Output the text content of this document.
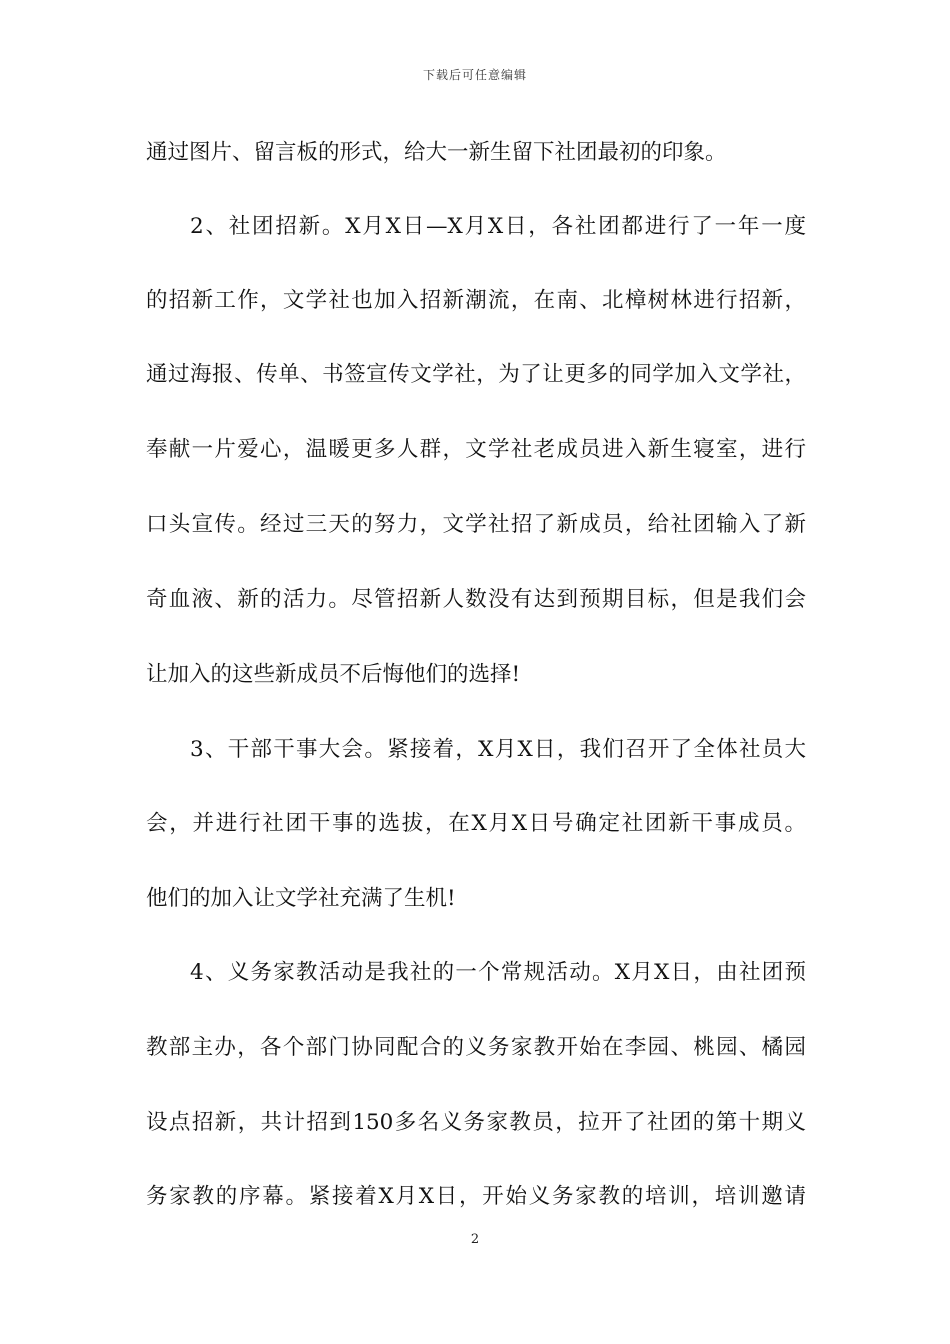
下载后可任意编辑
通过图片、留言板的形式，给大一新生留下社团最初的印象。
2、社团招新。X月X日—X月X日，各社团都进行了一年一度
的招新工作，文学社也加入招新潮流，在南、北樟树林进行招新，
通过海报、传单、书签宣传文学社，为了让更多的同学加入文学社，
奉献一片爱心，温暖更多人群，文学社老成员进入新生寝室，进行
口头宣传。经过三天的努力，文学社招了新成员，给社团输入了新
奇血液、新的活力。尽管招新人数没有达到预期目标，但是我们会
让加入的这些新成员不后悔他们的选择!
3、干部干事大会。紧接着，X月X日，我们召开了全体社员大
会，并进行社团干事的选拔，在X月X日号确定社团新干事成员。
他们的加入让文学社充满了生机!
4、义务家教活动是我社的一个常规活动。X月X日，由社团预
教部主办，各个部门协同配合的义务家教开始在李园、桃园、橘园
设点招新，共计招到150多名义务家教员，拉开了社团的第十期义
务家教的序幕。紧接着X月X日，开始义务家教的培训，培训邀请
2
